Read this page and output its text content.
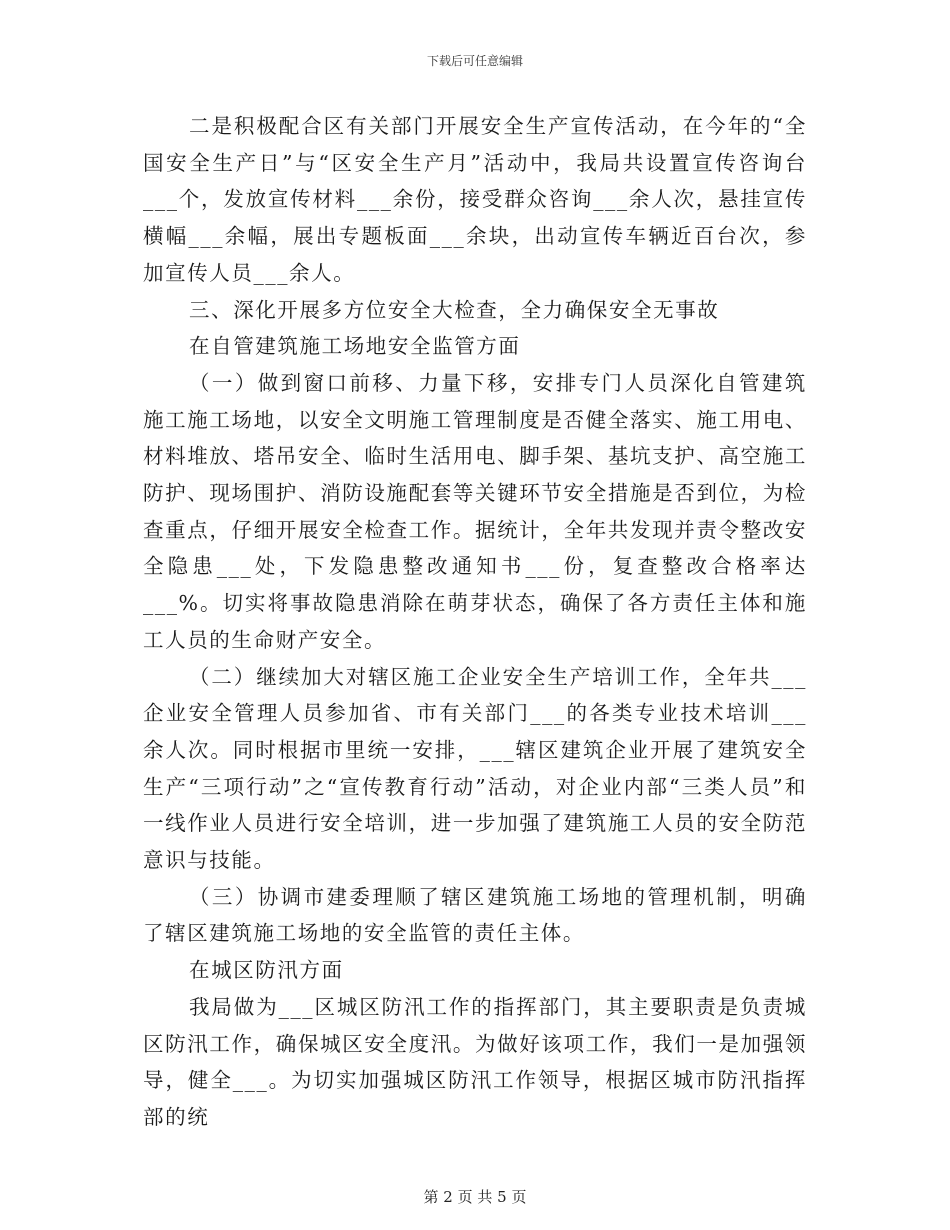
下载后可任意编辑

二是积极配合区有关部门开展安全生产宣传活动，在今年的“全国安全生产日”与“区安全生产月”活动中，我局共设置宣传咨询台___个，发放宣传材料___余份，接受群众咨询___余人次，悬挂宣传横幅___余幅，展出专题板面___余块，出动宣传车辆近百台次，参加宣传人员___余人。

三、深化开展多方位安全大检查，全力确保安全无事故

在自管建筑施工场地安全监管方面

（一）做到窗口前移、力量下移，安排专门人员深化自管建筑施工施工场地，以安全文明施工管理制度是否健全落实、施工用电、材料堆放、塔吊安全、临时生活用电、脚手架、基坑支护、高空施工防护、现场围护、消防设施配套等关键环节安全措施是否到位，为检查重点，仔细开展安全检查工作。据统计，全年共发现并责令整改安全隐患___处，下发隐患整改通知书___份，复查整改合格率达___%。切实将事故隐患消除在萌芽状态，确保了各方责任主体和施工人员的生命财产安全。

（二）继续加大对辖区施工企业安全生产培训工作，全年共___企业安全管理人员参加省、市有关部门___的各类专业技术培训___余人次。同时根据市里统一安排，___辖区建筑企业开展了建筑安全生产“三项行动”之“宣传教育行动”活动，对企业内部“三类人员”和一线作业人员进行安全培训，进一步加强了建筑施工人员的安全防范意识与技能。

（三）协调市建委理顺了辖区建筑施工场地的管理机制，明确了辖区建筑施工场地的安全监管的责任主体。

在城区防汛方面

我局做为___区城区防汛工作的指挥部门，其主要职责是负责城区防汛工作，确保城区安全度汛。为做好该项工作，我们一是加强领导，健全___。为切实加强城区防汛工作领导，根据区城市防汛指挥部的统

第 2 页 共 5 页
